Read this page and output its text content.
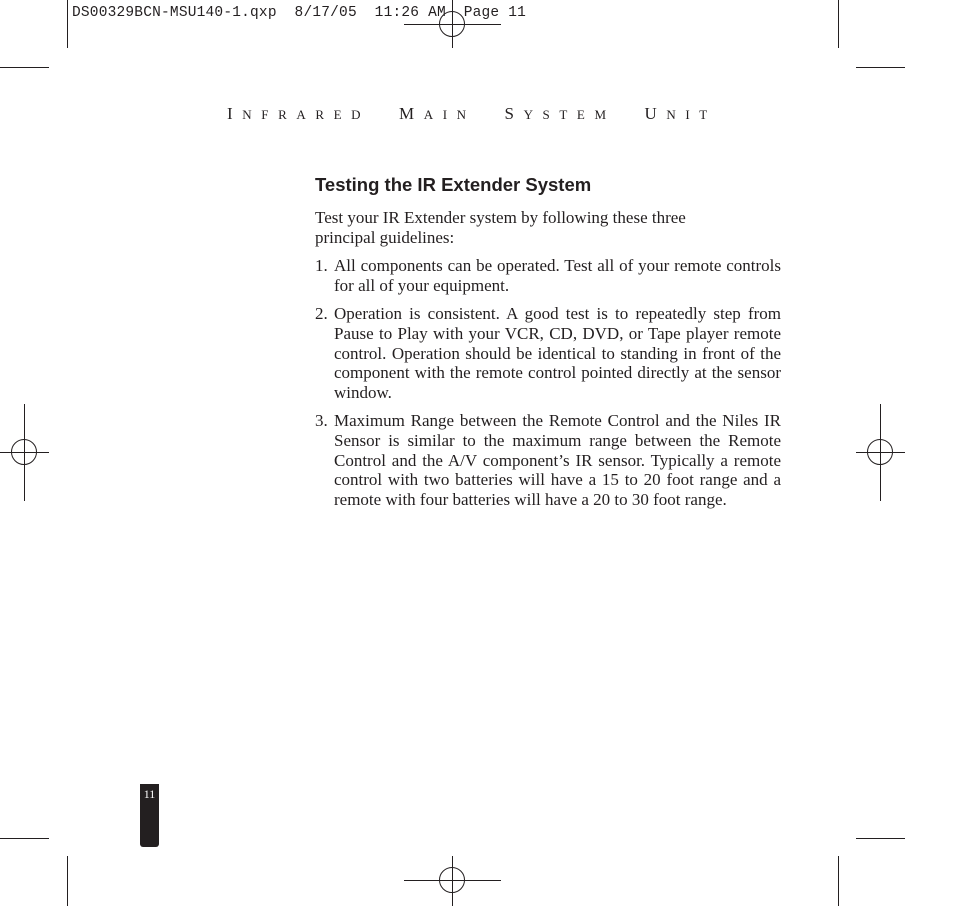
DS00329BCN-MSU140-1.qxp 8/17/05 11:26 AM Page 11
INFRARED MAIN SYSTEM UNIT
Testing the IR Extender System

Test your IR Extender system by following these three principal guidelines:

1. All components can be operated. Test all of your remote controls for all of your equipment.
2. Operation is consistent. A good test is to repeatedly step from Pause to Play with your VCR, CD, DVD, or Tape player remote control. Operation should be identical to standing in front of the component with the remote control pointed directly at the sensor window.
3. Maximum Range between the Remote Control and the Niles IR Sensor is similar to the maximum range between the Remote Control and the A/V component’s IR sensor. Typically a remote control with two batteries will have a 15 to 20 foot range and a remote with four batteries will have a 20 to 30 foot range.
11
